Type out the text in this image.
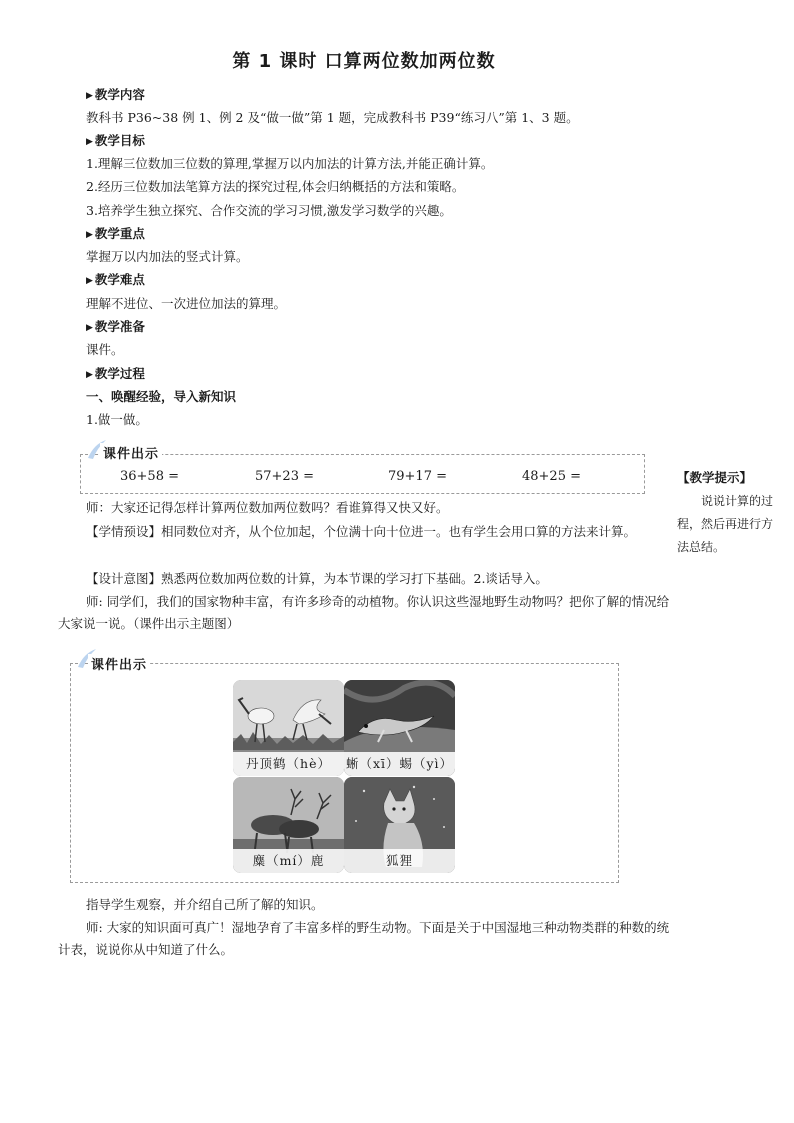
第 1 课时 口算两位数加两位数
▶ 教学内容
教科书 P36~38 例 1、例 2 及“做一做”第 1 题，完成教科书 P39“练习八”第 1、3 题。
▶ 教学目标
1.理解三位数加三位数的算理,掌握万以内加法的计算方法,并能正确计算。
2.经历三位数加法笔算方法的探究过程,体会归纳概括的方法和策略。
3.培养学生独立探究、合作交流的学习习惯,激发学习数学的兴趣。
▶ 教学重点
掌握万以内加法的竖式计算。
▶ 教学难点
理解不进位、一次进位加法的算理。
▶ 教学准备
课件。
▶ 教学过程
一、唤醒经验，导入新知识
1.做一做。
课件出示
36+58 =	57+23 =	79+17 =	48+25 =	【教学提示】
说说计算的过程，然后再进行方法总结。
师：大家还记得怎样计算两位数加两位数吗？看谁算得又快又好。
【学情预设】相同数位对齐，从个位加起，个位满十向十位进一。也有学生会用口算的方法来计算。
【设计意图】熟悉两位数加两位数的计算，为本节课的学习打下基础。2.谈话导入。
师: 同学们，我们的国家物种丰富，有许多珍奇的动植物。你认识这些湿地野生动物吗？把你了解的情况给大家说一说。（课件出示主题图）
课件出示
丹顶鹤（hè）	蜥（xī）蜴（yì）
麋（mí）鹿	狐狸
指导学生观察，并介绍自己所了解的知识。
师: 大家的知识面可真广！湿地孕育了丰富多样的野生动物。下面是关于中国湿地三种动物类群的种数的统计表，说说你从中知道了什么。
